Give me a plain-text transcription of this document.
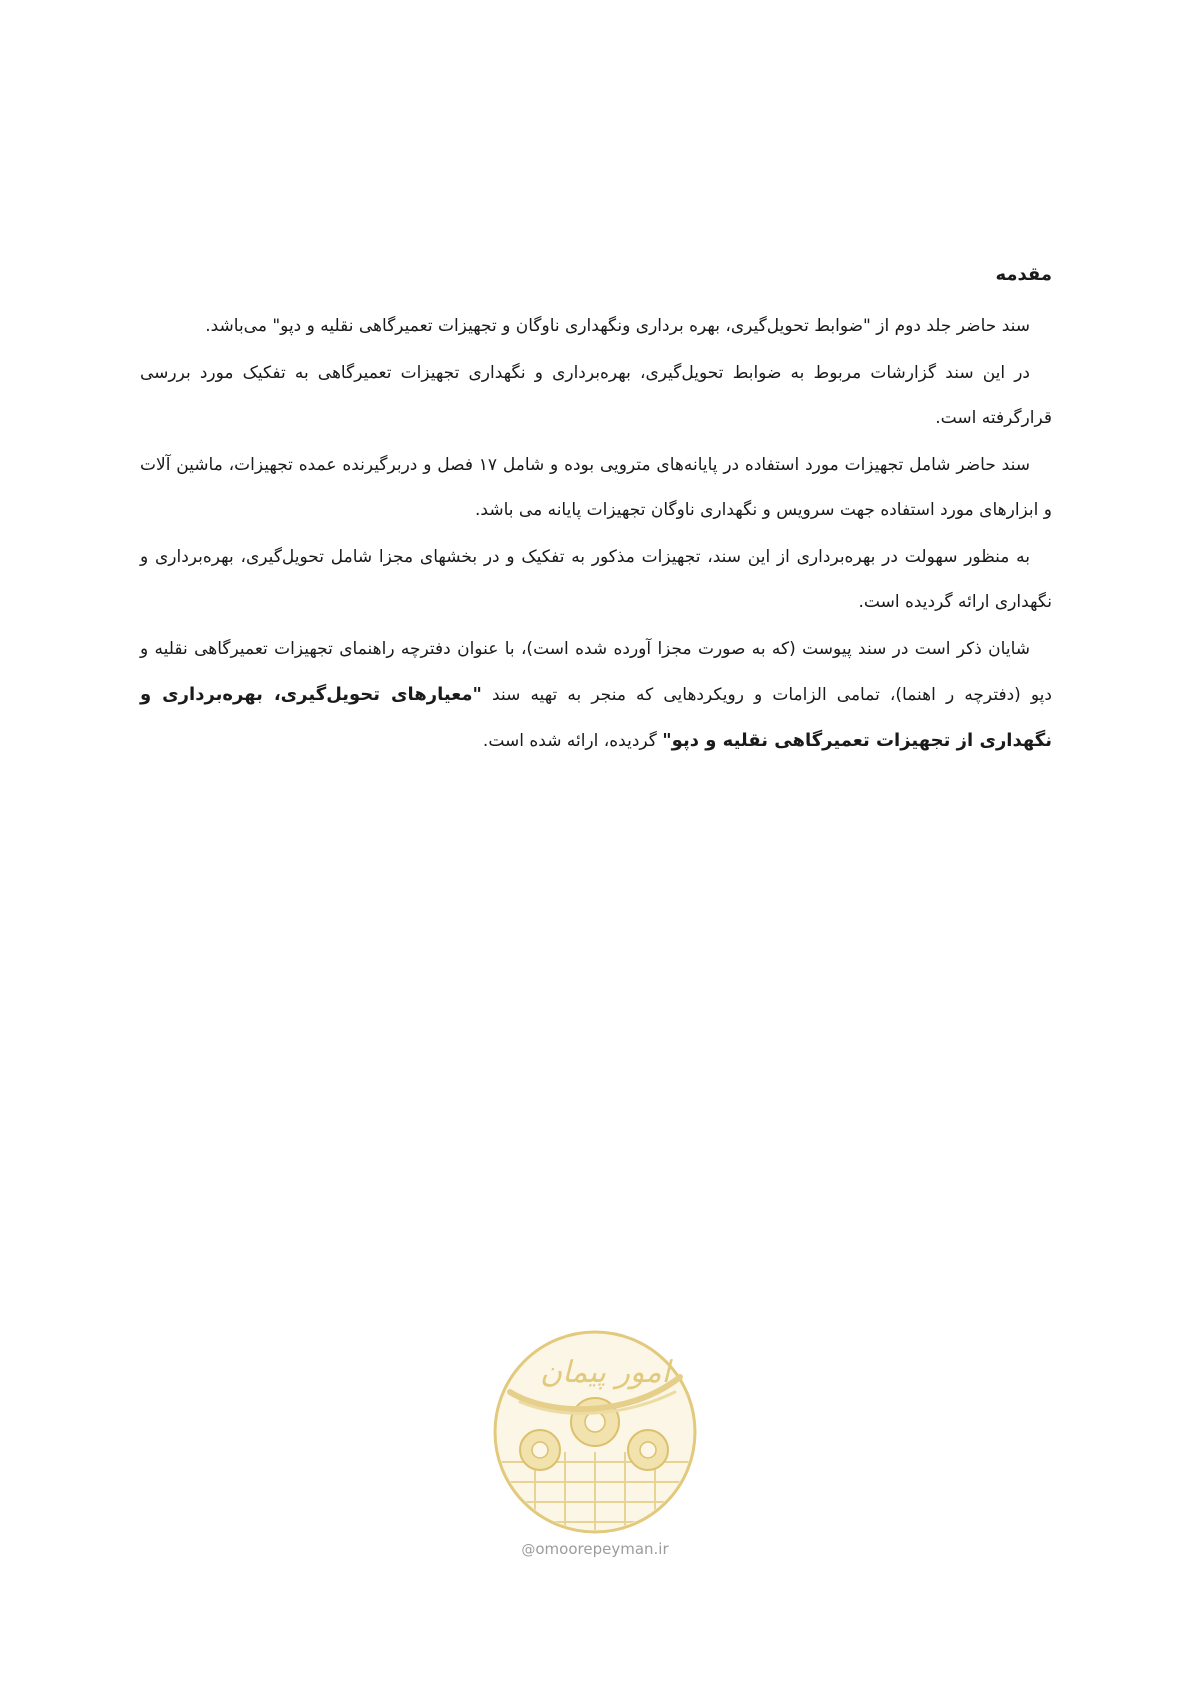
مقدمه

سند حاضر جلد دوم از "ضوابط تحویل‌گیری، بهره برداری ونگهداری ناوگان و تجهیزات تعمیرگاهی نقلیه و دپو" می‌باشد.

در این سند گزارشات مربوط به ضوابط تحویل‌گیری، بهره‌برداری و نگهداری تجهیزات تعمیرگاهی به تفکیک مورد بررسی قرارگرفته است.

سند حاضر شامل تجهیزات مورد استفاده در پایانه‌های مترویی بوده و شامل ۱۷ فصل و دربرگیرنده عمده تجهیزات، ماشین آلات و ابزارهای مورد استفاده جهت سرویس و نگهداری ناوگان تجهیزات پایانه می باشد.

به منظور سهولت در بهره‌برداری از این سند، تجهیزات مذکور به تفکیک و در بخشهای مجزا شامل تحویل‌گیری، بهره‌برداری و نگهداری ارائه گردیده است.

شایان ذکر است در سند پیوست (که به صورت مجزا آورده شده است)، با عنوان دفترچه راهنمای تجهیزات تعمیرگاهی نقلیه و دپو (دفترچه ر اهنما)، تمامی الزامات و رویکردهایی که منجر به تهیه سند "معیارهای تحویل‌گیری، بهره‌برداری و نگهداری از تجهیزات تعمیرگاهی نقلیه و دپو" گردیده، ارائه شده است.

امور پیمان
@omoorepeyman.ir
